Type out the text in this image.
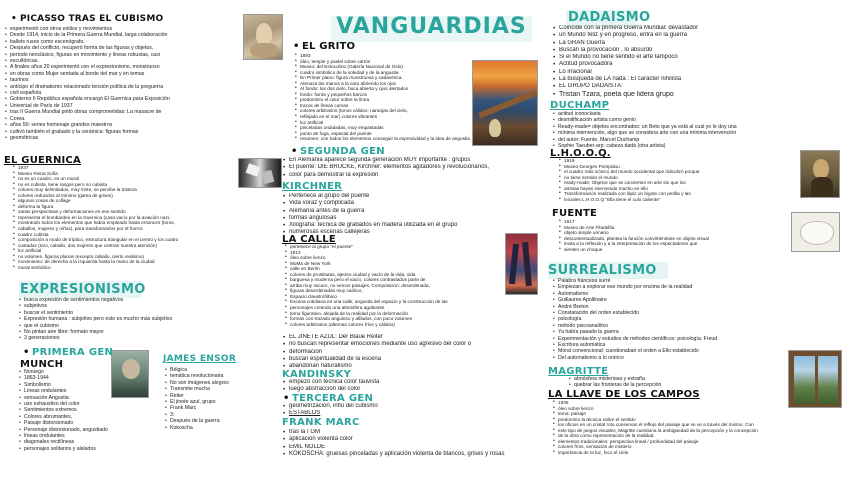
VANGUARDIAS
• PICASSO TRAS EL CUBISMO
• experimentó con otros estilos y movimientos
• Desde 1914, inicio de la Primera Guerra Mundial, larga colaboración
• ballets rusos como escenógrafo.
• Después del conflicto, recuperó forma de las figuras y objetos,
• período neoclásico, figuras en movimiento y líneas robustas, casi
• escultóricas.
• A finales años 20 experimentó con el expresionismo, monstruoso
• en obras como Mujer sentada al borde del mar y en temas
• taurinos
• antícipo el dramatismo relacionado tensión política de la preguerra
• civil española
• Gobierno II República española encargó El Guernica para Exposición
• Universal de París de 1937
• tras II Guerra Mundial pintó obras comprometidas: La masacre de
• Corea.
• años 50: series homenaje grandes maestros
• cultivó también el grabado y la cerámica: figuras formas
• geométricas
EL GUERNICA
• 1937
• Museo Reina Sofía
• no es un cuadro, es un mural
• no es cubista, tiene rasgos pero no cubista
• colores muy delimitados, muy triste, se percibe la tristeza
• colores reducidos al mínimo (gama de grises)
• algunos cosas de collage
• deforma la figura
• varias perspectivas y deformaciones en ese sentido
• representa el bombardeo en la Guernica (casa vacío por la aviación nazi,
• mostrando todos los elementos que había empleado hasta entonces (toros,
• caballos, mujeres y niños), para transformarlos por el horror.
• cuadro cubista
• composición a modo de tríptico, estructura triangular en el centro y los cuatro
• costados (toro, caballo, dos mujeres que centran nuestra atención)
• luz artificial
• no volumen, figuras planas (excepto caballo, cierto realismo)
• movimiento: de derecha a la izquierda hasta la mano de la ciudad
• mural simbólico
EXPRESIONISMO
• busca expresión de sentimientos negativos
• subjetivos
• buscar el sentimiento
• Expresión humana : subjetivo pero esto es mucho más subjetivo
• que el cubismo
• No pintan aire libre: formato mayor
• 3 generaciones
• PRIMERA GEN
MUNCH
• Noruego
• 1863-1944
• Simbolismo
• Líneas ondulantes
• sensación Angustia
• uso exhaustivo del color
• Sentimientos extremos
• Colores abrumantes,
• Paisaje distorsionado
• Personaje distorsionado, angustiado
• líneas ondulantes
• diagonales rectilíneas
• personajes solitarios y aislados
JAMES ENSOR
• Bélgica
• temática revolucionaria
• No son imágenes alegres
• Transmite mucha
• Reiter
• El jinete azul, grupo
• Frank Marc
• 3:
• Después de la guerra
• Kokoscha
• EL GRITO
• 1893
• óleo, temple y pastel sobre cartón
• Museo: del Estocolmo (Galería Nacional de Oslo)
• cuadro simbólico de la soledad y de la angustia
• En Primer plano: figura monstruosa y cadavérica.
• Atenaza las manos a la cara abriendo los ojos
• Al fondo: los dos cielo, boca abierta y ojos alertados
• fondo: fiordo y pequeños barcos
• predominio el color sobre la línea
• trazos de líneas curvas
• colores arbitrarios (tonos cálidos: naranjas del cielo,
• reflejado en el mar) colores vibrantes
• luz artificial
• pinceladas onduladas, muy empastadas
• punto de fuga, espacial del puente
• resumen: con todos los elementos conseguir la expresividad y la idea de angustia
• SEGUNDA GEN
• En Alemania aparece segunda generación MUY importante : grupos
• El puente: DIE BRÜCKE, Kirchner: elementos agitadores y revolucionarios,
• color para demostrar la expresión
KIRCHNER
• Pertenece al grupo del puente
• Vida voraz y complicada
• Alemanía antes de la guerra
• formas angulosas
• Xilografía: técnica de grabados en madera utilizada en el grupo
• numerosas escenas callejeras
LA CALLE
• pertenece al grupo "el puente"
• 1913
• óleo sobre lienzo
• MoMa de New York
• calle en Berlín
• colores de prostitutas, ajetreo ciudad y vacío de la vida, vida
• burguesa y moderna pero el vacío, colores contrastados parte de
• arriba muy oscuro, no vemos paisajes, Composición: desordenada,
• figuras desordenadas muy caótico,
• Espacio claustrofóbico
• Escena cotidiana en una calle, angustia del espacio y la construcción de las
• personajes creando una atmósfera agobiante
• tema figurativo, alejada de la realidad por la deformación
• formas con trazado anguloso y afilados, con poco volumen
• colores arbitrarios (alternan colores fríos y cálidos)
• EL JINETE AZUL: Der Blaue Reiter
• no buscan representar emociones mediante uso agresivo del color o
• deformación
• buscan espiritualidad de la escena
• abandonan naturalismo
KANDINSKY
• empezó con técnica color fauvista
• luego abstracción del color
• TERCERA GEN
• geometrización, influ del cubismo
• ESTABLOS
FRANK MARC
• tras la I GM
• aplicación violenta color
• EMIL NOLDE
• KOKOSCHA: gruesas pinceladas y aplicación violenta de blancos, grises y rosas
DADAISMO
• Coincide con la primera Guerra Mundial: devastador
• un Mundo feliz y en progreso, entra en la guerra
• La GRAN Guerra
• Buscan la provocación , lo absurdo
• Si el Mundo no tiene sentido el arte tampoco
• Actitud provocadora
• Lo irracional
• La búsqueda de LA nada : El carácter nihilista
• EL GRUPO DADAÍSTA:
• Tristan Tzara, poeta que lidera grupo
DUCHAMP
• actitud iconoclasta
• desmitificación artista como genio
• Ready-made= objetos encontrados: un Beto que ya está al cual yo le doy una
• mínima intervención, algo que se considera arte con una mínima intervención
• del autor: Fuente, Marcel Duchamp
• Sophie Taeuber-arp: cabeza dadá (otra artista)
L.H.O.O.Q.
• 1919
• Museo Georges Pompidou
• el cuadro más icónico del mundo occidental que ridiculizó porque
• no tiene sentido el mundo
• ready-made: Objetos que se convierten en arte sin que los
• artistas hayan intervenido mucho en ello
• Transformación realizada con lápiz un bigote con perilla y las
• iniciales L.H.O.O.Q "Ella tiene el culo caliente"
FUENTE
• 1917
• Museo de Arte Filadelfia
• objeto simple urinario
• descontextualizado, plantea la función convirtiéndose en objeto visual
• invita a la reflexión y a la interpretación de los espectadores que
• sienten un choque
SURREALISMO
• Palabra francesa surré
• Empiezan a explorar ese mundo por encima de la realidad
• Automatismo
• Guillaume Apollinaire
• André Breton
• Constatación del orden establecido
• psicología
• método psicoanalítico
• Ya había pasado la guerra
• Experimentación y estudios de métodos científicos: psicología: Freud
• Escritura automática
• Moral convencional: cuestionaban el orden a Ello establecido
• Del automatismo a lo onírico
MAGRITTE
• atmósfera misteriosa y extraña
• quebrar las fronteras de la percepción
LA LLAVE DE LOS CAMPOS
• 1936
• óleo sobre lienzo
• tema: paisaje
• predomino la técnica sobre el sentido
• los oficios en un cristal roto conservan el reflejo del paisaje que se ve a través del mismo. Con
• este tipo de juegos visuales, Magritte cuestiona la ambigüedad de la percepción y la concepción
• de la obra como representación de la realidad.
• elementos tradicionales: perspectiva lineal / profundidad del paisaje
• colores fríos, sensación de misterio
• importancia de la luz, foco el cielo
